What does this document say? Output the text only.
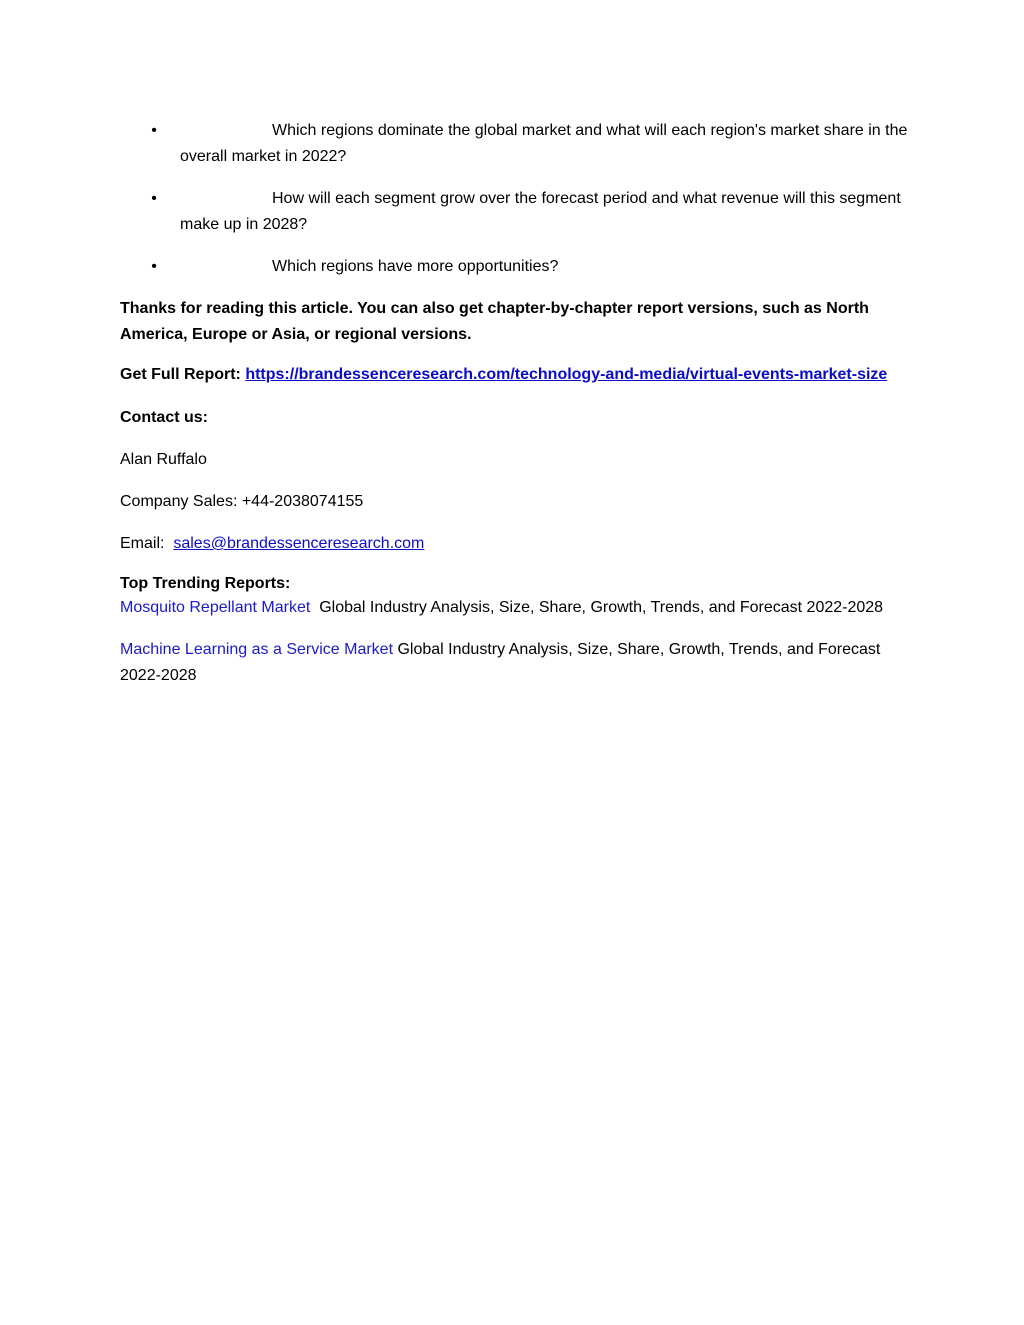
•	Which regions dominate the global market and what will each region's market share in the overall market in 2022?
•	How will each segment grow over the forecast period and what revenue will this segment make up in 2028?
•	Which regions have more opportunities?

Thanks for reading this article. You can also get chapter-by-chapter report versions, such as North America, Europe or Asia, or regional versions.

Get Full Report: https://brandessenceresearch.com/technology-and-media/virtual-events-market-size

Contact us:

Alan Ruffalo

Company Sales: +44-2038074155

Email:  sales@brandessenceresearch.com

Top Trending Reports:

Mosquito Repellant Market  Global Industry Analysis, Size, Share, Growth, Trends, and Forecast 2022-2028

Machine Learning as a Service Market Global Industry Analysis, Size, Share, Growth, Trends, and Forecast 2022-2028
